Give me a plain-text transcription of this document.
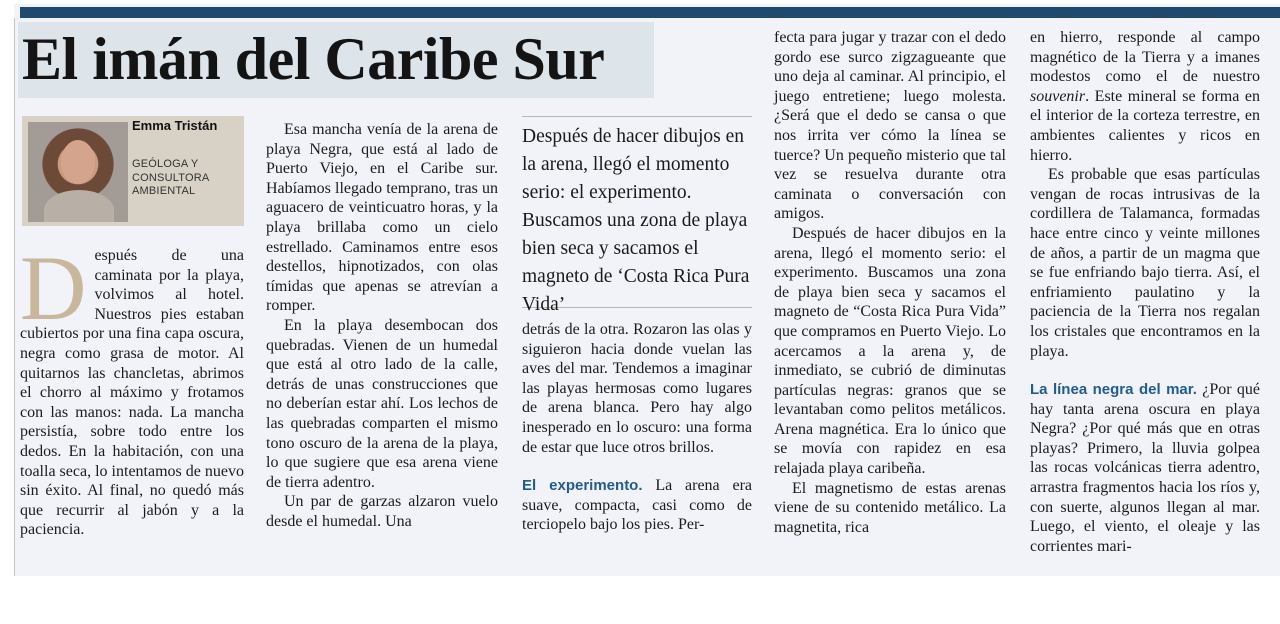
El imán del Caribe Sur
Emma Tristán
GEÓLOGA Y CONSULTORA AMBIENTAL

Después de una caminata por la playa, volvimos al hotel. Nuestros pies estaban cubiertos por una fina capa oscura, negra como grasa de motor. Al quitarnos las chancletas, abrimos el chorro al máximo y frotamos con las manos: nada. La mancha persistía, sobre todo entre los dedos. En la habitación, con una toalla seca, lo intentamos de nuevo sin éxito. Al final, no quedó más que recurrir al jabón y a la paciencia.

Esa mancha venía de la arena de playa Negra, que está al lado de Puerto Viejo, en el Caribe sur. Habíamos llegado temprano, tras un aguacero de veinticuatro horas, y la playa brillaba como un cielo estrellado. Caminamos entre esos destellos, hipnotizados, con olas tímidas que apenas se atrevían a romper.

En la playa desembocan dos quebradas. Vienen de un humedal que está al otro lado de la calle, detrás de unas construcciones que no deberían estar ahí. Los lechos de las quebradas comparten el mismo tono oscuro de la arena de la playa, lo que sugiere que esa arena viene de tierra adentro.

Un par de garzas alzaron vuelo desde el humedal. Una

Después de hacer dibujos en la arena, llegó el momento serio: el experimento. Buscamos una zona de playa bien seca y sacamos el magneto de ‘Costa Rica Pura Vida’

detrás de la otra. Rozaron las olas y siguieron hacia donde vuelan las aves del mar. Tendemos a imaginar las playas hermosas como lugares de arena blanca. Pero hay algo inesperado en lo oscuro: una forma de estar que luce otros brillos.

El experimento. La arena era suave, compacta, casi como de terciopelo bajo los pies. Per-

fecta para jugar y trazar con el dedo gordo ese surco zigzagueante que uno deja al caminar. Al principio, el juego entretiene; luego molesta. ¿Será que el dedo se cansa o que nos irrita ver cómo la línea se tuerce? Un pequeño misterio que tal vez se resuelva durante otra caminata o conversación con amigos.

Después de hacer dibujos en la arena, llegó el momento serio: el experimento. Buscamos una zona de playa bien seca y sacamos el magneto de “Costa Rica Pura Vida” que compramos en Puerto Viejo. Lo acercamos a la arena y, de inmediato, se cubrió de diminutas partículas negras: granos que se levantaban como pelitos metálicos. Arena magnética. Era lo único que se movía con rapidez en esa relajada playa caribeña.

El magnetismo de estas arenas viene de su contenido metálico. La magnetita, rica

en hierro, responde al campo magnético de la Tierra y a imanes modestos como el de nuestro souvenir. Este mineral se forma en el interior de la corteza terrestre, en ambientes calientes y ricos en hierro.

Es probable que esas partículas vengan de rocas intrusivas de la cordillera de Talamanca, formadas hace entre cinco y veinte millones de años, a partir de un magma que se fue enfriando bajo tierra. Así, el enfriamiento paulatino y la paciencia de la Tierra nos regalan los cristales que encontramos en la playa.

La línea negra del mar. ¿Por qué hay tanta arena oscura en playa Negra? ¿Por qué más que en otras playas? Primero, la lluvia golpea las rocas volcánicas tierra adentro, arrastra fragmentos hacia los ríos y, con suerte, algunos llegan al mar. Luego, el viento, el oleaje y las corrientes mari-
